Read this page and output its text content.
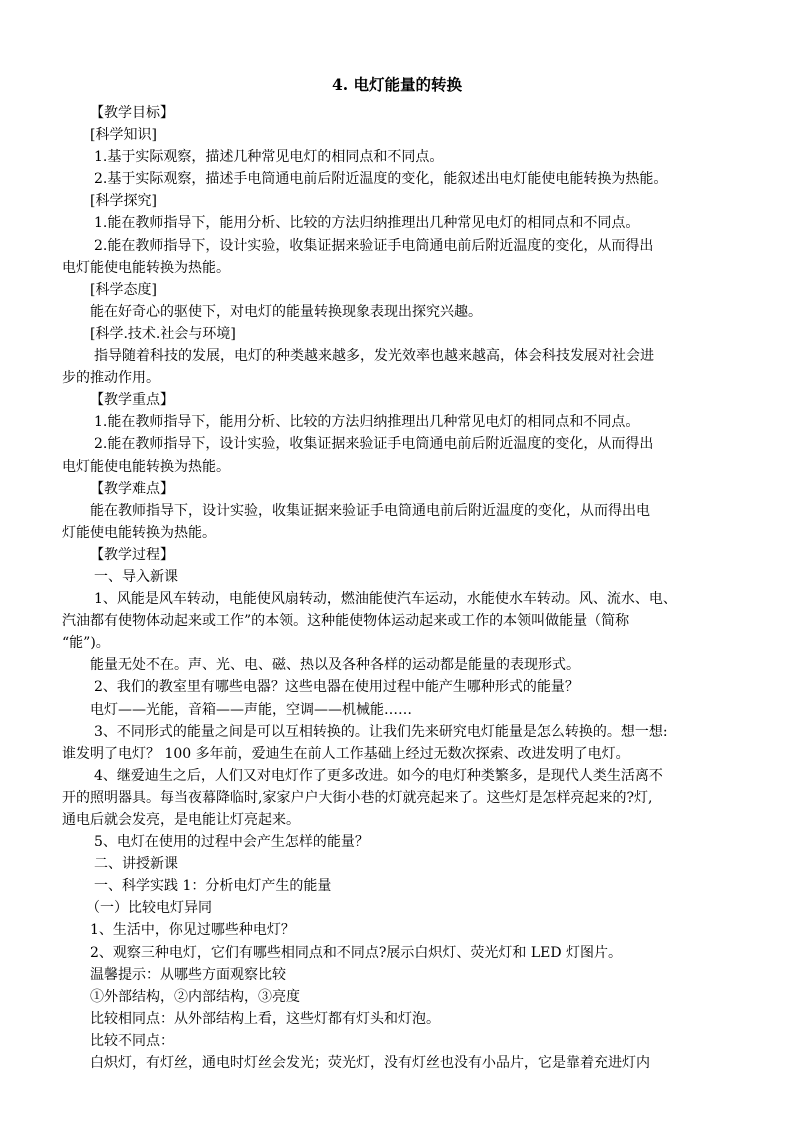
4. 电灯能量的转换
【教学目标】
[科学知识]
1.基于实际观察，描述几种常见电灯的相同点和不同点。
2.基于实际观察，描述手电筒通电前后附近温度的变化，能叙述出电灯能使电能转换为热能。
[科学探究]
1.能在教师指导下，能用分析、比较的方法归纳推理出几种常见电灯的相同点和不同点。
2.能在教师指导下，设计实验，收集证据来验证手电筒通电前后附近温度的变化，从而得出
电灯能使电能转换为热能。
[科学态度]
能在好奇心的驱使下，对电灯的能量转换现象表现出探究兴趣。
[科学.技术.社会与环境]
指导随着科技的发展，电灯的种类越来越多，发光效率也越来越高，体会科技发展对社会进
步的推动作用。
【教学重点】
1.能在教师指导下，能用分析、比较的方法归纳推理出几种常见电灯的相同点和不同点。
2.能在教师指导下，设计实验，收集证据来验证手电筒通电前后附近温度的变化，从而得出
电灯能使电能转换为热能。
【教学难点】
能在教师指导下，设计实验，收集证据来验证手电筒通电前后附近温度的变化，从而得出电
灯能使电能转换为热能。
【教学过程】
一、导入新课
1、风能是风车转动，电能使风扇转动，燃油能使汽车运动，水能使水车转动。风、流水、电、
汽油都有使物体动起来或工作”的本领。这种能使物体运动起来或工作的本领叫做能量（简称
“能”)。
能量无处不在。声、光、电、磁、热以及各种各样的运动都是能量的表现形式。
2、我们的教室里有哪些电器？这些电器在使用过程中能产生哪种形式的能量？
电灯——光能，音箱——声能，空调——机械能……
3、不同形式的能量之间是可以互相转换的。让我们先来研究电灯能量是怎么转换的。想一想:
谁发明了电灯？ 100 多年前，爱迪生在前人工作基础上经过无数次探索、改进发明了电灯。
4、继爱迪生之后，人们又对电灯作了更多改进。如今的电灯种类繁多，是现代人类生活离不
开的照明器具。每当夜幕降临时,家家户户大街小巷的灯就亮起来了。这些灯是怎样亮起来的?灯,
通电后就会发亮，是电能让灯亮起来。
5、电灯在使用的过程中会产生怎样的能量？
二、讲授新课
一、科学实践 1：分析电灯产生的能量
（一）比较电灯异同
1、生活中，你见过哪些种电灯？
2、观察三种电灯，它们有哪些相同点和不同点?展示白炽灯、荧光灯和 LED 灯图片。
温馨提示：从哪些方面观察比较
①外部结构，②内部结构，③亮度
比较相同点：从外部结构上看，这些灯都有灯头和灯泡。
比较不同点：
白炽灯，有灯丝，通电时灯丝会发光；荧光灯，没有灯丝也没有小品片，它是靠着充进灯内
